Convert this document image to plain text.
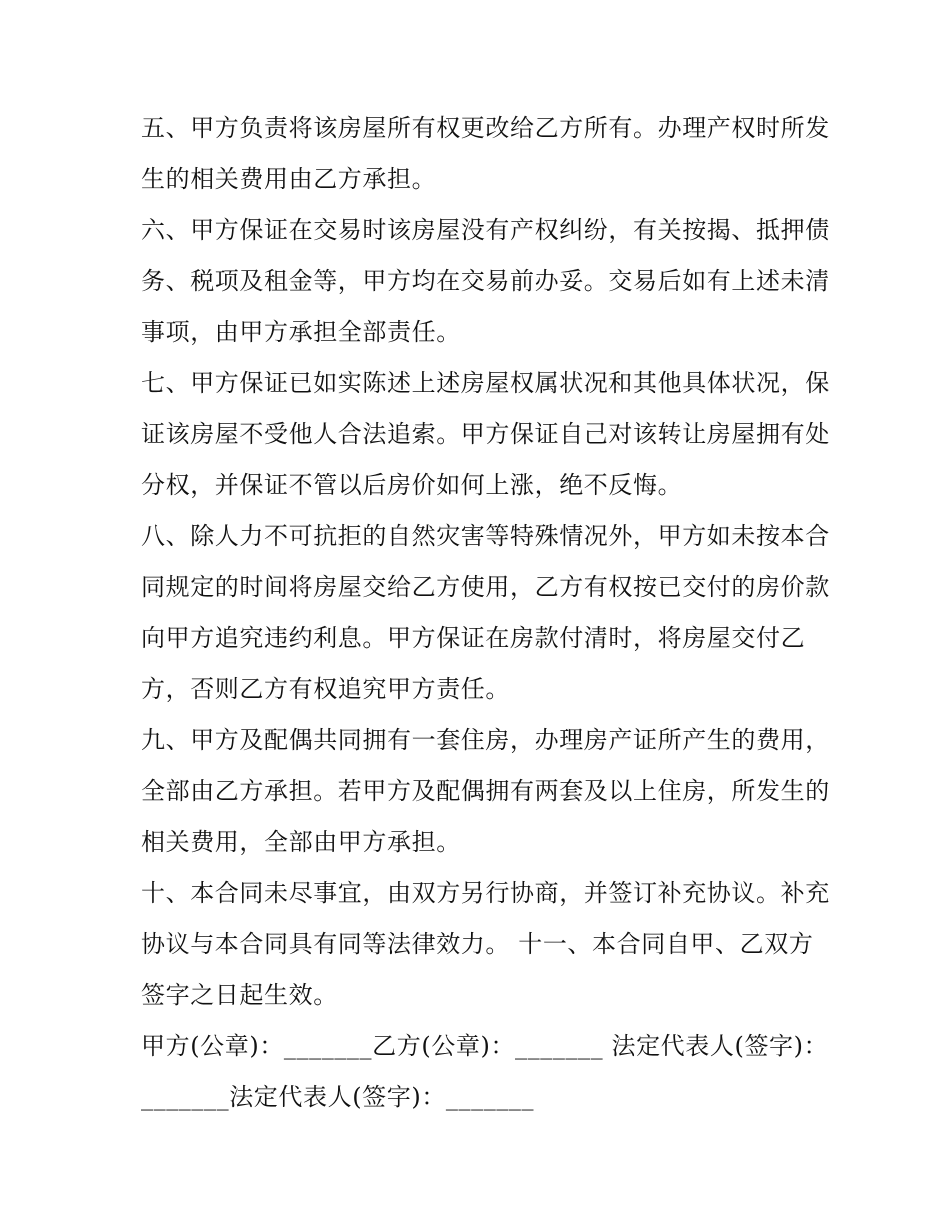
五、甲方负责将该房屋所有权更改给乙方所有。办理产权时所发生的相关费用由乙方承担。

六、甲方保证在交易时该房屋没有产权纠纷，有关按揭、抵押债务、税项及租金等，甲方均在交易前办妥。交易后如有上述未清事项，由甲方承担全部责任。

七、甲方保证已如实陈述上述房屋权属状况和其他具体状况，保证该房屋不受他人合法追索。甲方保证自己对该转让房屋拥有处分权，并保证不管以后房价如何上涨，绝不反悔。

八、除人力不可抗拒的自然灾害等特殊情况外，甲方如未按本合同规定的时间将房屋交给乙方使用，乙方有权按已交付的房价款向甲方追究违约利息。甲方保证在房款付清时，将房屋交付乙方，否则乙方有权追究甲方责任。

九、甲方及配偶共同拥有一套住房，办理房产证所产生的费用，全部由乙方承担。若甲方及配偶拥有两套及以上住房，所发生的相关费用，全部由甲方承担。

十、本合同未尽事宜，由双方另行协商，并签订补充协议。补充协议与本合同具有同等法律效力。 十一、本合同自甲、乙双方签字之日起生效。

甲方(公章)：_______乙方(公章)：_______ 法定代表人(签字)：_______法定代表人(签字)：_______
